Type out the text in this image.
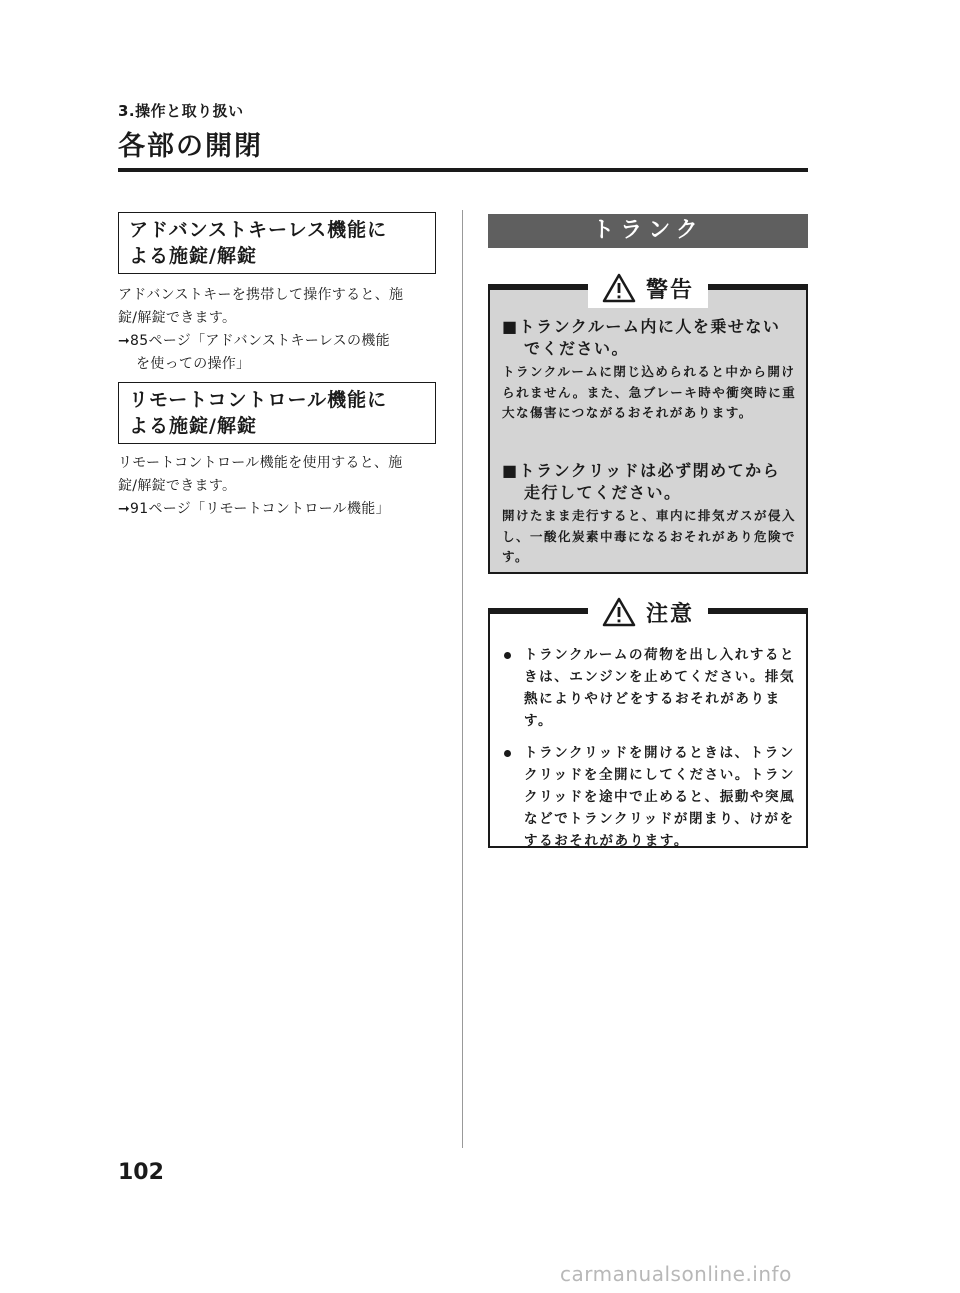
3.操作と取り扱い
各部の開閉
アドバンストキーレス機能に
よる施錠/解錠
アドバンストキーを携帯して操作すると、施
錠/解錠できます。
➞85ページ「アドバンストキーレスの機能
を使っての操作」
リモートコントロール機能に
よる施錠/解錠
リモートコントロール機能を使用すると、施
錠/解錠できます。
➞91ページ「リモートコントロール機能」
トランク
警告

■トランクルーム内に人を乗せない

でください。

トランクルームに閉じ込められると中から開けられません。また、急ブレーキ時や衝突時に重大な傷害につながるおそれがあります。

■トランクリッドは必ず閉めてから

走行してください。

開けたまま走行すると、車内に排気ガスが侵入し、一酸化炭素中毒になるおそれがあり危険です。

注意

トランクルームの荷物を出し入れするときは、エンジンを止めてください。排気熱によりやけどをするおそれがあります。

トランクリッドを開けるときは、トランクリッドを全開にしてください。トランクリッドを途中で止めると、振動や突風などでトランクリッドが閉まり、けがをするおそれがあります。

102
carmanualsonline.info
